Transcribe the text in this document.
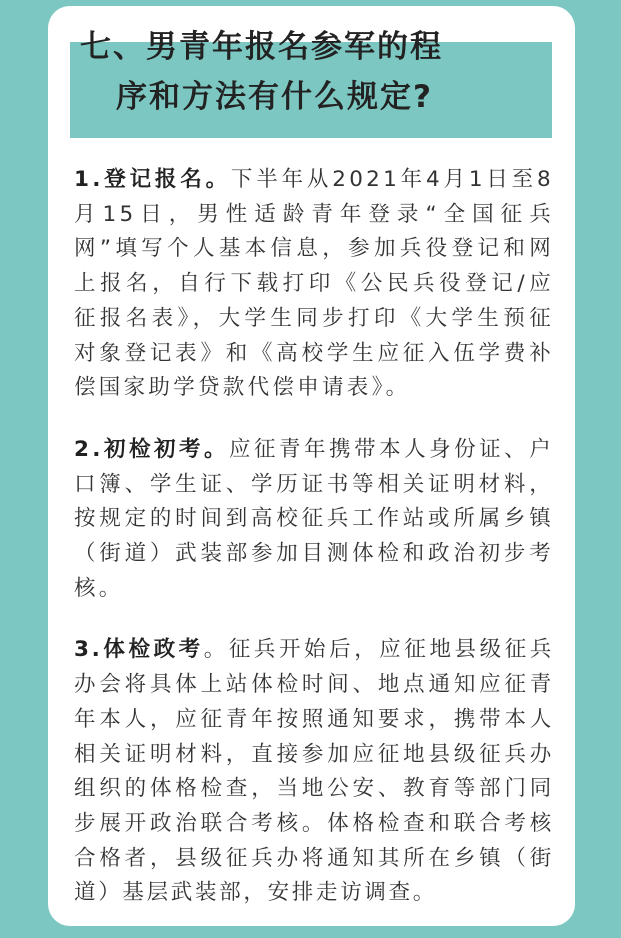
七、男青年报名参军的程
序和方法有什么规定?

1.登记报名。下半年从2021年4月1日至8月15日，男性适龄青年登录“全国征兵网”填写个人基本信息，参加兵役登记和网上报名，自行下载打印《公民兵役登记/应征报名表》，大学生同步打印《大学生预征对象登记表》和《高校学生应征入伍学费补偿国家助学贷款代偿申请表》。

2.初检初考。应征青年携带本人身份证、户口簿、学生证、学历证书等相关证明材料，按规定的时间到高校征兵工作站或所属乡镇（街道）武装部参加目测体检和政治初步考核。

3.体检政考。征兵开始后，应征地县级征兵办会将具体上站体检时间、地点通知应征青年本人，应征青年按照通知要求，携带本人相关证明材料，直接参加应征地县级征兵办组织的体格检查，当地公安、教育等部门同步展开政治联合考核。体格检查和联合考核合格者，县级征兵办将通知其所在乡镇（街道）基层武装部，安排走访调查。
